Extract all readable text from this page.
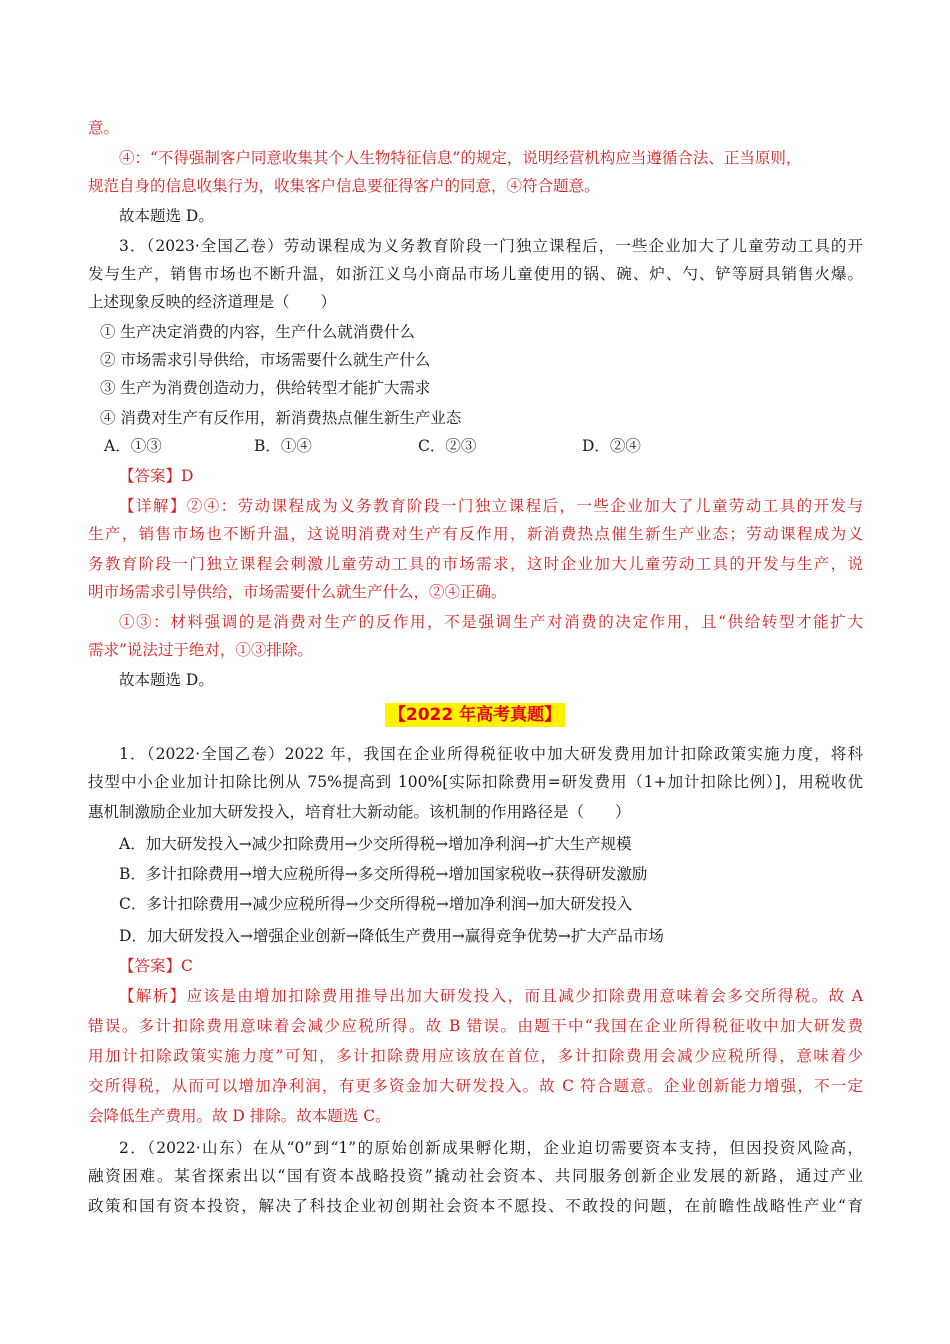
意。
④：“不得强制客户同意收集其个人生物特征信息”的规定，说明经营机构应当遵循合法、正当原则，
规范自身的信息收集行为，收集客户信息要征得客户的同意，④符合题意。
故本题选 D。
3．（2023·全国乙卷）劳动课程成为义务教育阶段一门独立课程后，一些企业加大了儿童劳动工具的开
发与生产，销售市场也不断升温，如浙江义乌小商品市场儿童使用的锅、碗、炉、勺、铲等厨具销售火爆。
上述现象反映的经济道理是（　　）
① 生产决定消费的内容，生产什么就消费什么
② 市场需求引导供给，市场需要什么就生产什么
③ 生产为消费创造动力，供给转型才能扩大需求
④ 消费对生产有反作用，新消费热点催生新生产业态
A．①③	B．①④	C．②③	D．②④
【答案】D
【详解】②④：劳动课程成为义务教育阶段一门独立课程后，一些企业加大了儿童劳动工具的开发与
生产，销售市场也不断升温，这说明消费对生产有反作用，新消费热点催生新生产业态；劳动课程成为义
务教育阶段一门独立课程会刺激儿童劳动工具的市场需求，这时企业加大儿童劳动工具的开发与生产，说
明市场需求引导供给，市场需要什么就生产什么，②④正确。
①③：材料强调的是消费对生产的反作用，不是强调生产对消费的决定作用，且“供给转型才能扩大
需求”说法过于绝对，①③排除。
故本题选 D。
【2022 年高考真题】
1．（2022·全国乙卷）2022 年，我国在企业所得税征收中加大研发费用加计扣除政策实施力度，将科
技型中小企业加计扣除比例从 75%提高到 100%[实际扣除费用=研发费用（1+加计扣除比例）]，用税收优
惠机制激励企业加大研发投入，培育壮大新动能。该机制的作用路径是（　　）
A．加大研发投入→减少扣除费用→少交所得税→增加净利润→扩大生产规模
B．多计扣除费用→增大应税所得→多交所得税→增加国家税收→获得研发激励
C．多计扣除费用→减少应税所得→少交所得税→增加净利润→加大研发投入
D．加大研发投入→增强企业创新→降低生产费用→赢得竞争优势→扩大产品市场
【答案】C
【解析】应该是由增加扣除费用推导出加大研发投入，而且减少扣除费用意味着会多交所得税。故 A
错误。多计扣除费用意味着会减少应税所得。故 B 错误。由题干中“我国在企业所得税征收中加大研发费
用加计扣除政策实施力度”可知，多计扣除费用应该放在首位，多计扣除费用会减少应税所得，意味着少
交所得税，从而可以增加净利润，有更多资金加大研发投入。故 C 符合题意。企业创新能力增强，不一定
会降低生产费用。故 D 排除。故本题选 C。
2．（2022·山东）在从“0”到“1”的原始创新成果孵化期，企业迫切需要资本支持，但因投资风险高，
融资困难。某省探索出以“国有资本战略投资”撬动社会资本、共同服务创新企业发展的新路，通过产业
政策和国有资本投资，解决了科技企业初创期社会资本不愿投、不敢投的问题，在前瞻性战略性产业“育
